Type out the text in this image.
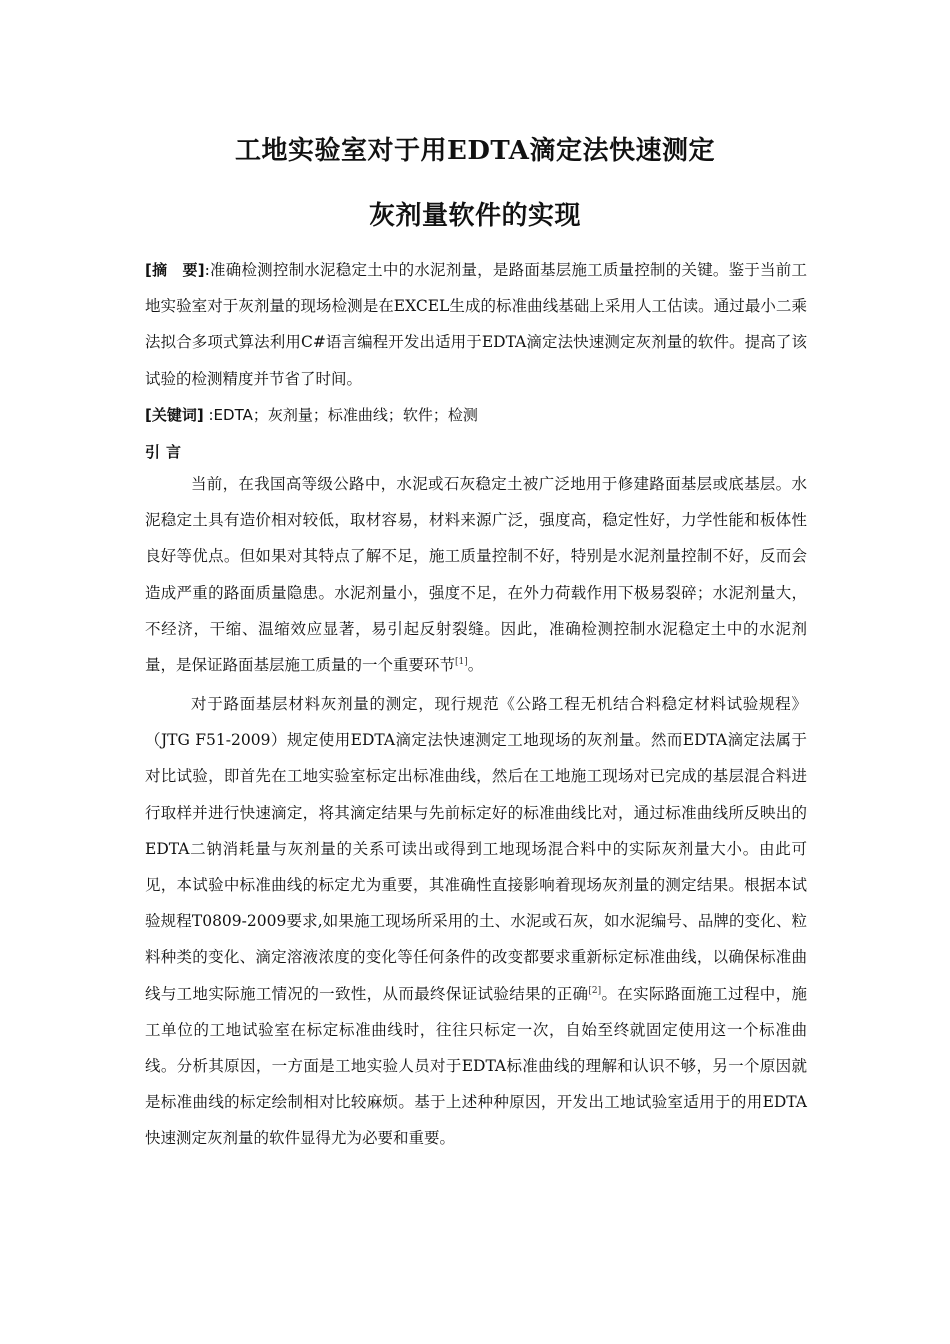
工地实验室对于用EDTA滴定法快速测定
灰剂量软件的实现
[摘　要]:准确检测控制水泥稳定土中的水泥剂量，是路面基层施工质量控制的关键。鉴于当前工地实验室对于灰剂量的现场检测是在EXCEL生成的标准曲线基础上采用人工估读。通过最小二乘法拟合多项式算法利用C#语言编程开发出适用于EDTA滴定法快速测定灰剂量的软件。提高了该试验的检测精度并节省了时间。
[关键词] :EDTA；灰剂量；标准曲线；软件；检测
引言
当前，在我国高等级公路中，水泥或石灰稳定土被广泛地用于修建路面基层或底基层。水泥稳定土具有造价相对较低，取材容易，材料来源广泛，强度高，稳定性好，力学性能和板体性良好等优点。但如果对其特点了解不足，施工质量控制不好，特别是水泥剂量控制不好，反而会造成严重的路面质量隐患。水泥剂量小，强度不足，在外力荷载作用下极易裂碎；水泥剂量大，不经济，干缩、温缩效应显著，易引起反射裂缝。因此，准确检测控制水泥稳定土中的水泥剂量，是保证路面基层施工质量的一个重要环节[1]。
对于路面基层材料灰剂量的测定，现行规范《公路工程无机结合料稳定材料试验规程》（JTG F51-2009）规定使用EDTA滴定法快速测定工地现场的灰剂量。然而EDTA滴定法属于对比试验，即首先在工地实验室标定出标准曲线，然后在工地施工现场对已完成的基层混合料进行取样并进行快速滴定，将其滴定结果与先前标定好的标准曲线比对，通过标准曲线所反映出的EDTA二钠消耗量与灰剂量的关系可读出或得到工地现场混合料中的实际灰剂量大小。由此可见，本试验中标准曲线的标定尤为重要，其准确性直接影响着现场灰剂量的测定结果。根据本试验规程T0809-2009要求,如果施工现场所采用的土、水泥或石灰，如水泥编号、品牌的变化、粒料种类的变化、滴定溶液浓度的变化等任何条件的改变都要求重新标定标准曲线，以确保标准曲线与工地实际施工情况的一致性，从而最终保证试验结果的正确[2]。在实际路面施工过程中，施工单位的工地试验室在标定标准曲线时，往往只标定一次，自始至终就固定使用这一个标准曲线。分析其原因，一方面是工地实验人员对于EDTA标准曲线的理解和认识不够，另一个原因就是标准曲线的标定绘制相对比较麻烦。基于上述种种原因，开发出工地试验室适用于的用EDTA快速测定灰剂量的软件显得尤为必要和重要。
